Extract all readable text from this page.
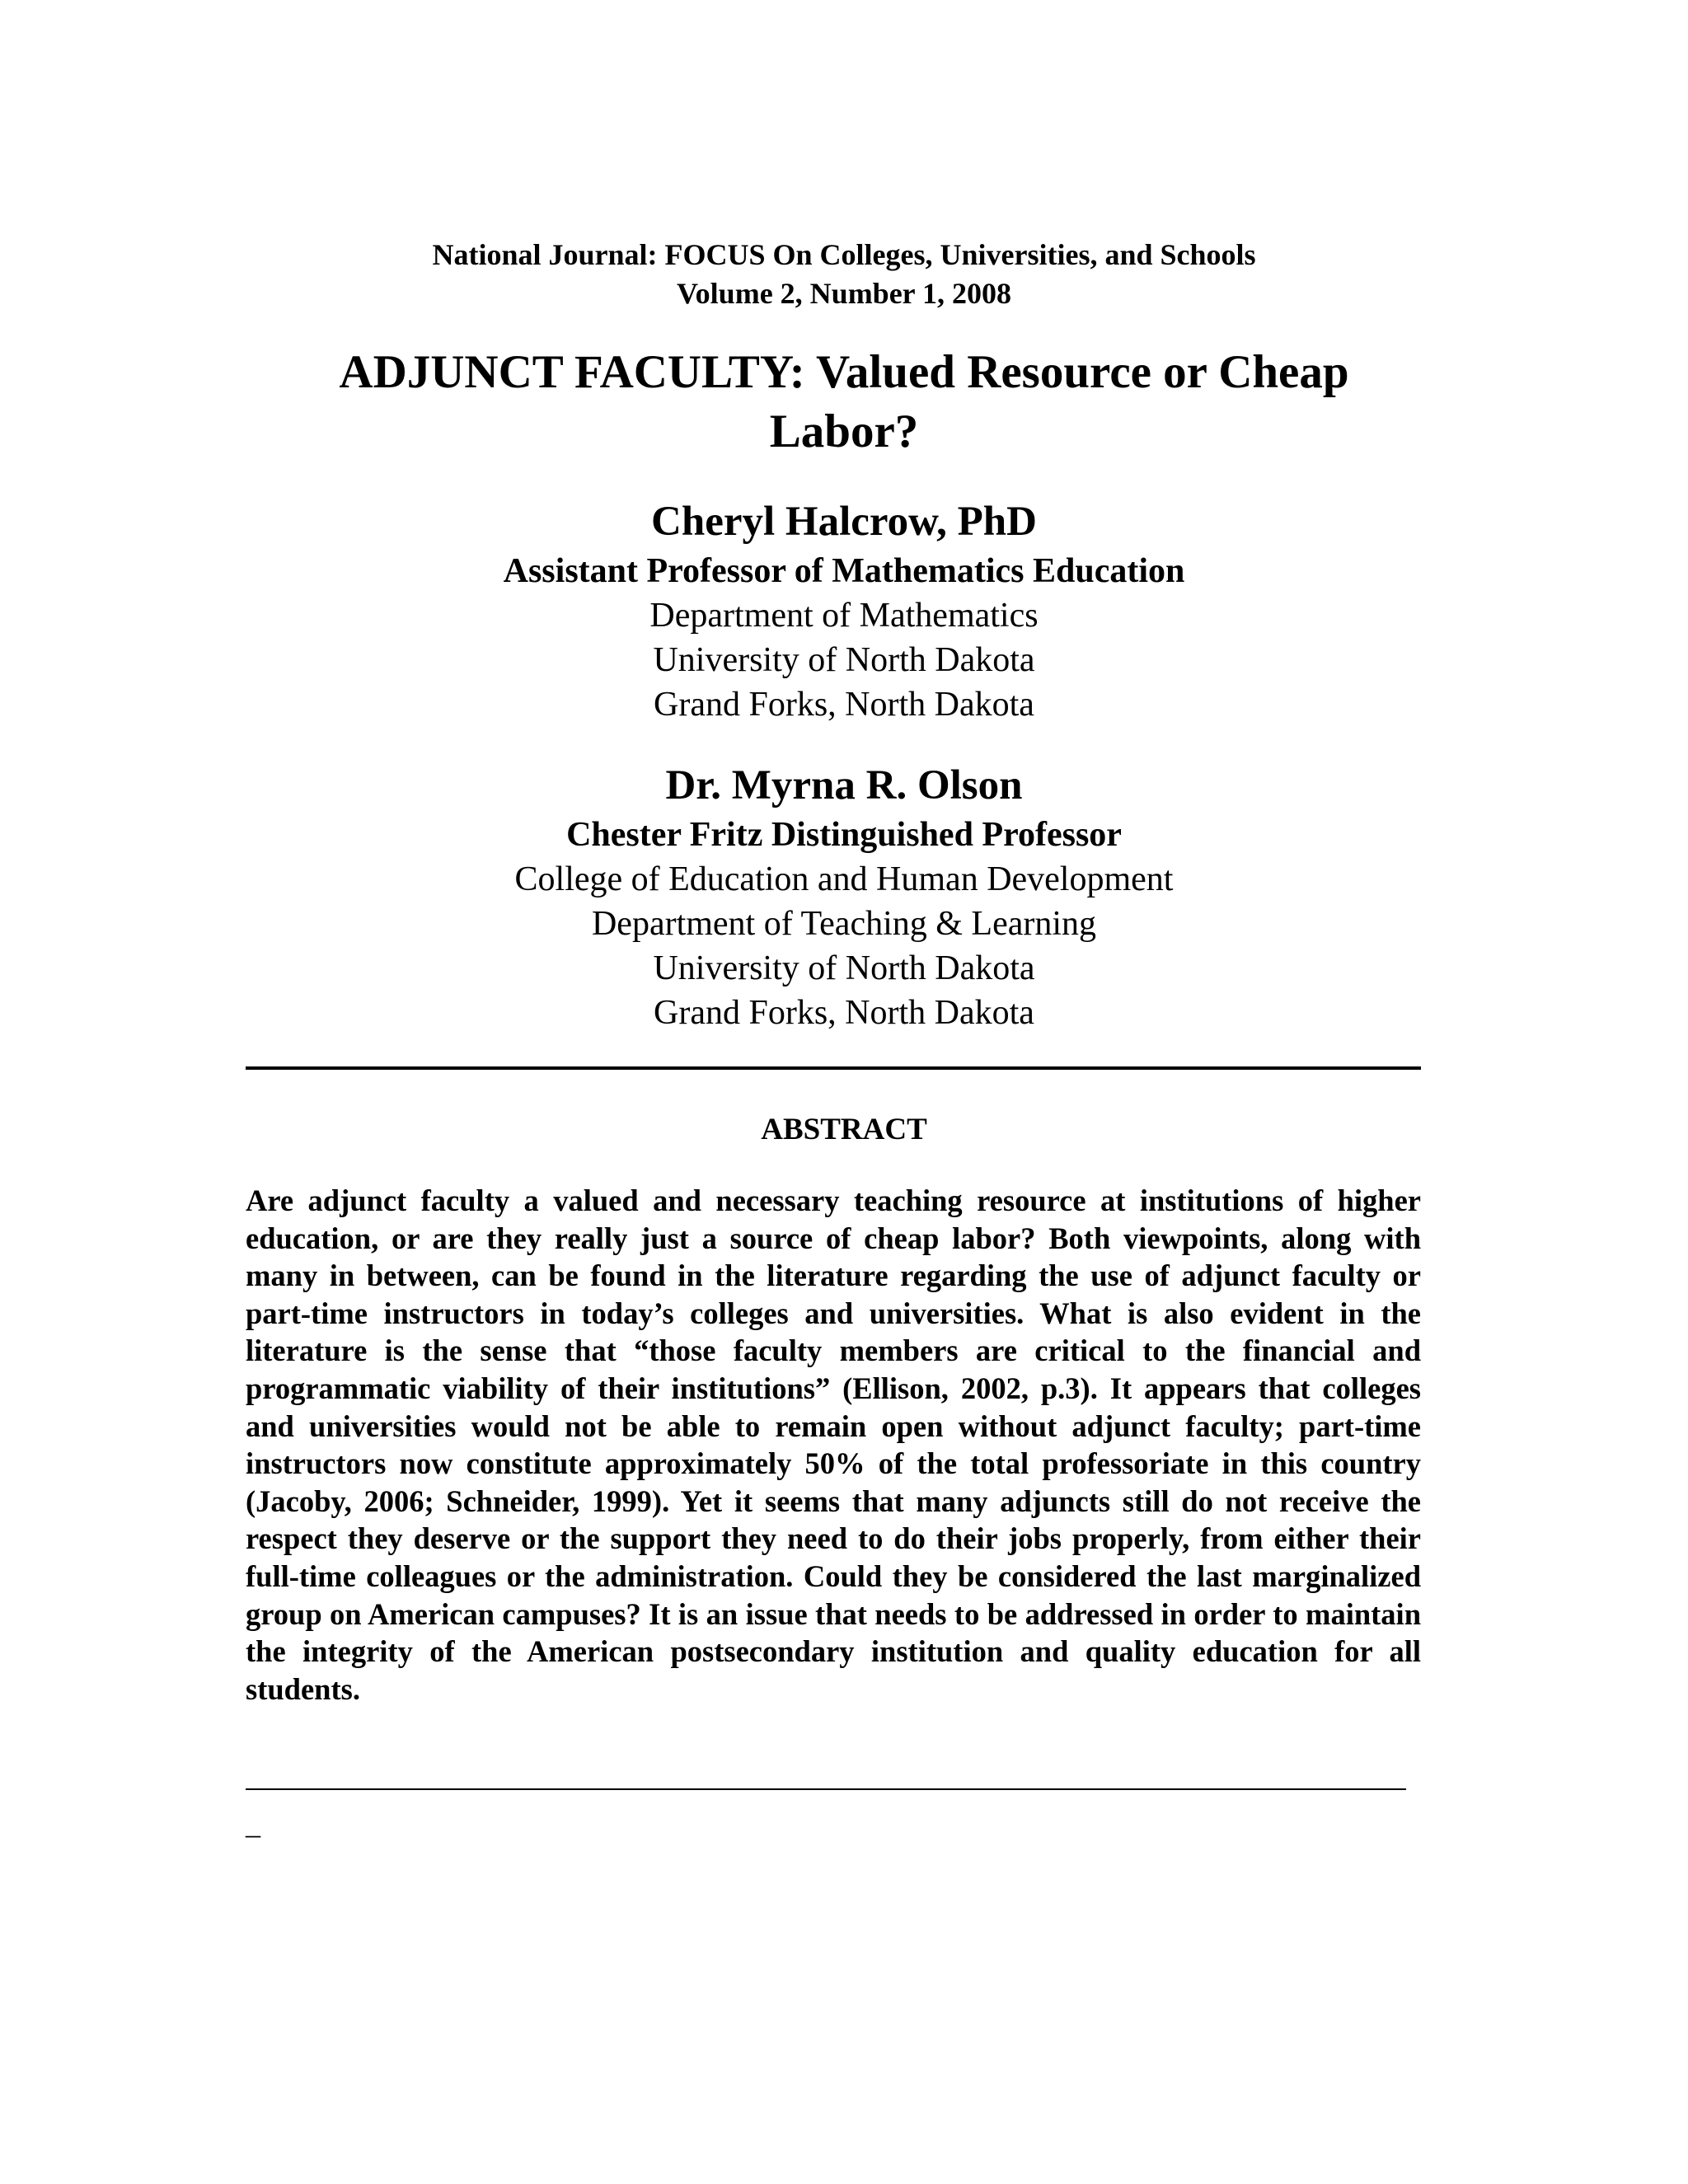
National Journal: FOCUS On Colleges, Universities, and Schools
Volume 2, Number 1, 2008
ADJUNCT FACULTY: Valued Resource or Cheap
Labor?
Cheryl Halcrow, PhD
Assistant Professor of Mathematics Education
Department of Mathematics
University of North Dakota
Grand Forks, North Dakota
Dr. Myrna R. Olson
Chester Fritz Distinguished Professor
College of Education and Human Development
Department of Teaching & Learning
University of North Dakota
Grand Forks, North Dakota
ABSTRACT

Are adjunct faculty a valued and necessary teaching resource at institutions of higher education, or are they really just a source of cheap labor? Both viewpoints, along with many in between, can be found in the literature regarding the use of adjunct faculty or part-time instructors in today’s colleges and universities. What is also evident in the literature is the sense that “those faculty members are critical to the financial and programmatic viability of their institutions” (Ellison, 2002, p.3). It appears that colleges and universities would not be able to remain open without adjunct faculty; part-time instructors now constitute approximately 50% of the total professoriate in this country (Jacoby, 2006; Schneider, 1999). Yet it seems that many adjuncts still do not receive the respect they deserve or the support they need to do their jobs properly, from either their full-time colleagues or the administration. Could they be considered the last marginalized group on American campuses? It is an issue that needs to be addressed in order to maintain the integrity of the American postsecondary institution and quality education for all students.

_
